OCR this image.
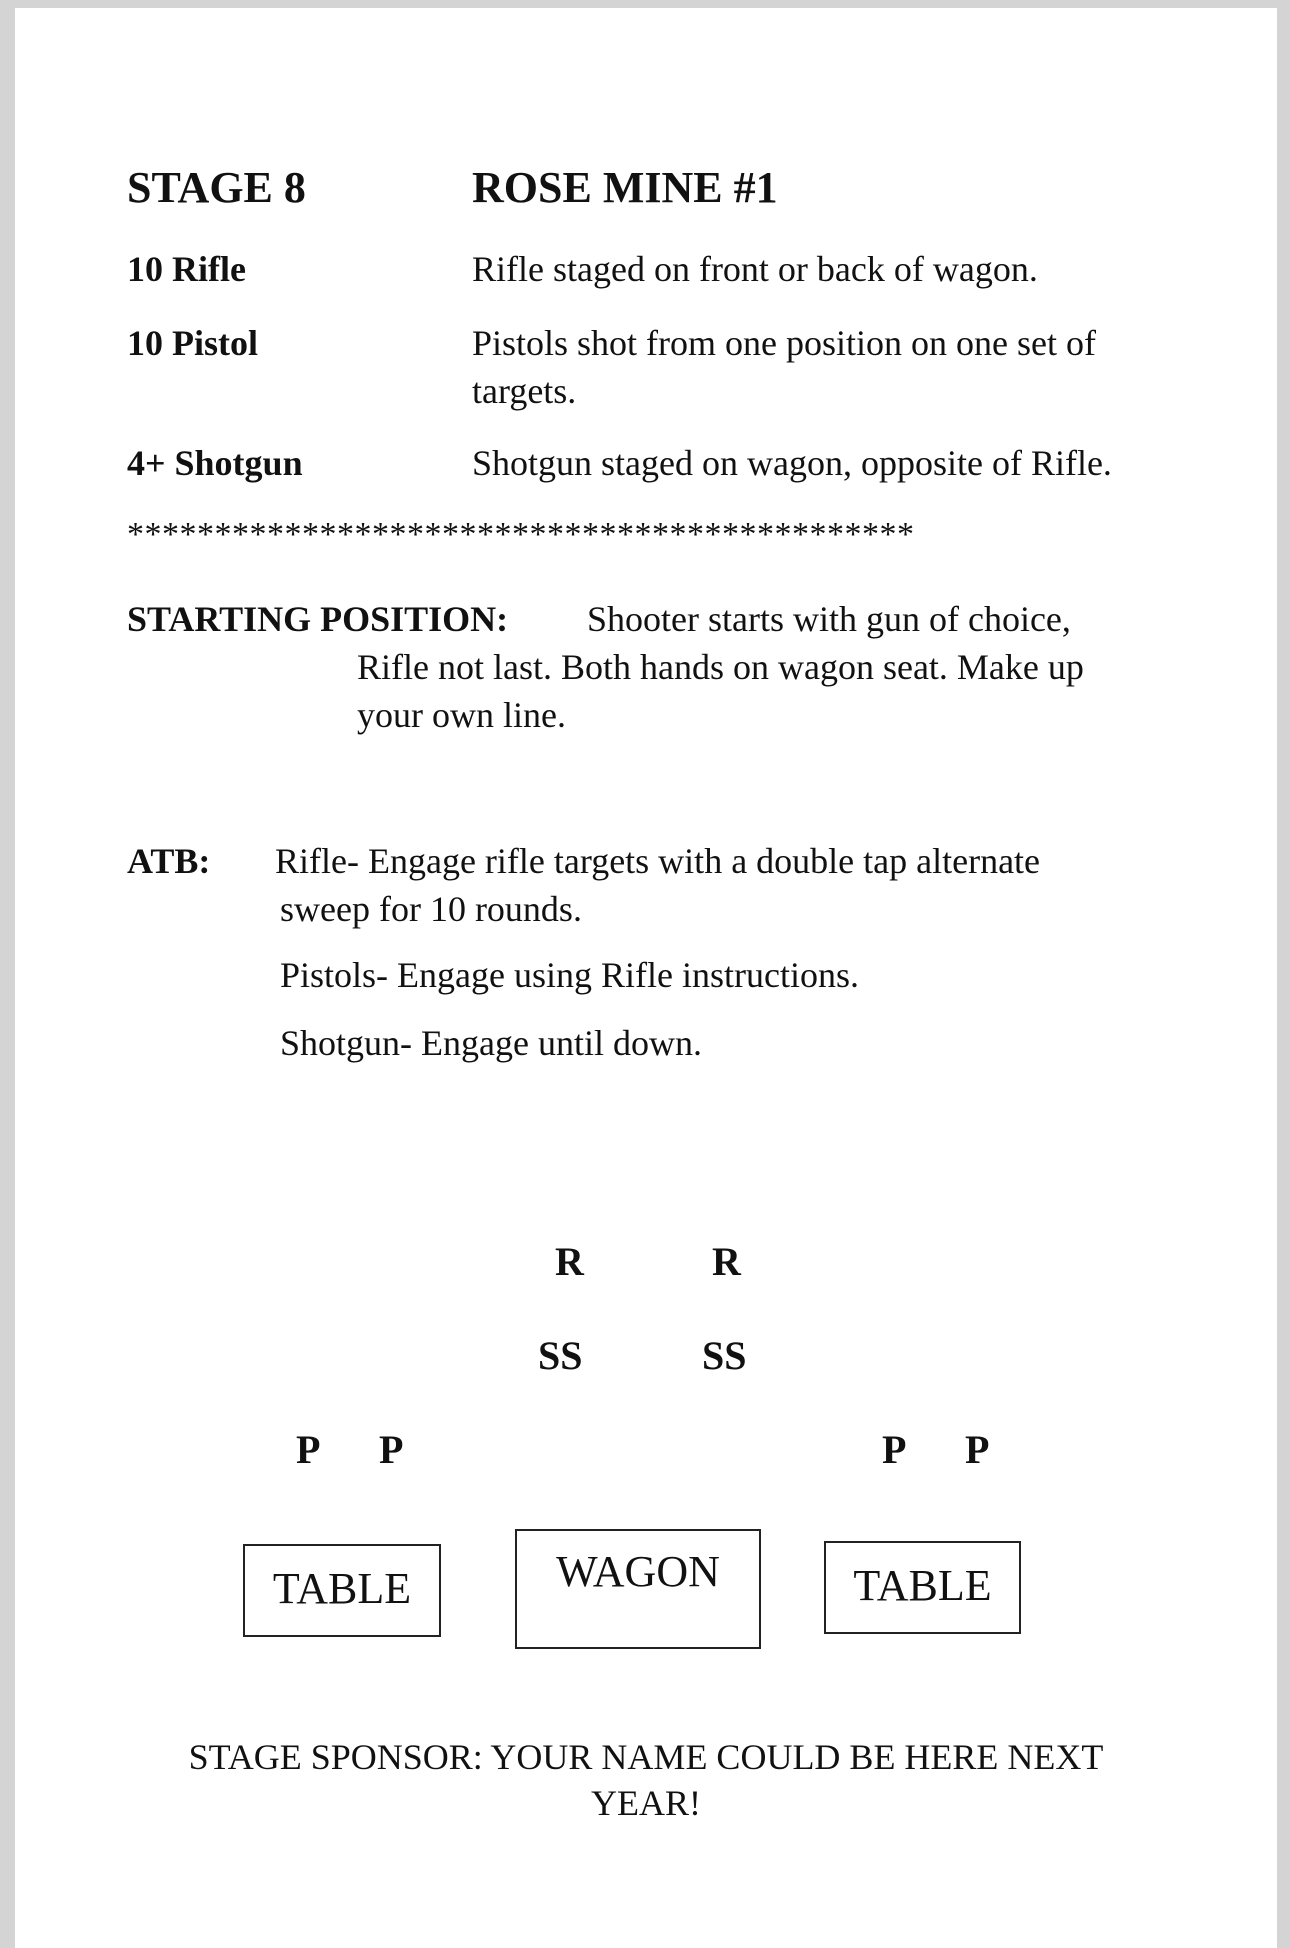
STAGE 8	ROSE MINE #1
10 Rifle	Rifle staged on front or back of wagon.
10 Pistol	Pistols shot from one position on one set of
targets.
4+ Shotgun	Shotgun staged on wagon, opposite of Rifle.
*********************************************
STARTING POSITION: Shooter starts with gun of choice,
Rifle not last. Both hands on wagon seat. Make up
your own line.
ATB: Rifle- Engage rifle targets with a double tap alternate
sweep for 10 rounds.
Pistols- Engage using Rifle instructions.
Shotgun- Engage until down.
R	R
SS	SS
P P	P P
TABLE	WAGON	TABLE
STAGE SPONSOR: YOUR NAME COULD BE HERE NEXT
YEAR!
